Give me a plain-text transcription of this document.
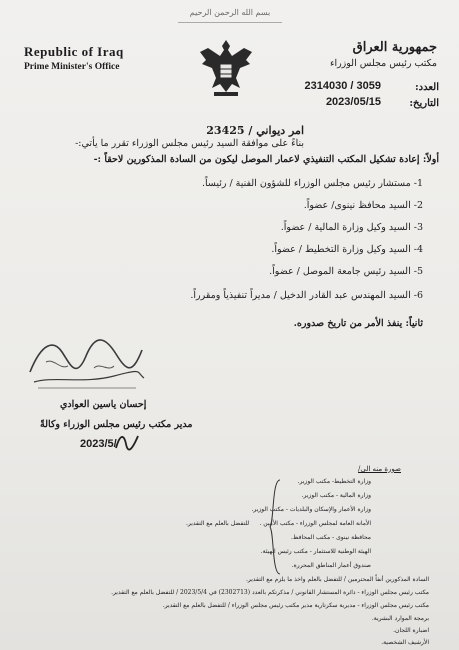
بسم الله الرحمن الرحيم
Republic of Iraq
Prime Minister's Office
جمهورية العراق
مكتب رئيس مجلس الوزراء
العدد:
2314030 / 3059
التاريخ:
2023/05/15
امر ديواني / 23425
بناءً على موافقة السيد رئيس مجلس الوزراء تقرر ما يأتي:-
أولاً: إعادة تشكيل المكتب التنفيذي لاعمار الموصل ليكون من السادة المذكورين لاحقاً :-
1- مستشار رئيس مجلس الوزراء للشؤون الفنية / رئيساً.
2- السيد محافظ نينوى/ عضواً.
3- السيد وكيل وزارة المالية / عضواً.
4- السيد وكيل وزارة التخطيط / عضواً.
5- السيد رئيس جامعة الموصل / عضواً.
6- السيد المهندس عبد القادر الدخيل / مديراً تنفيذياً ومقرراً.
ثانياً: ينفذ الأمر من تاريخ صدوره.
إحسان ياسين العوادي
مدير مكتب رئيس مجلس الوزراء وكالةً
2023/5/
صورة منه الى/
وزارة التخطيط- مكتب الوزير.
وزارة المالية - مكتب الوزير.
وزارة الأعمار والإسكان والبلديات - مكتب الوزير.
الأمانة العامة لمجلس الوزراء - مكتب الأمين .
محافظة نينوى - مكتب المحافظ.
الهيئة الوطنية للاستثمار - مكتب رئيس الهيئة.
صندوق أعمار المناطق المحررة.
للتفضل بالعلم مع التقدير.
السادة المذكورين أنفاً المحترمين / للتفضل بالعلم واخذ ما يلزم مع التقدير.
مكتب رئيس مجلس الوزراء - دائرة المستشار القانوني / مذكرتكم بالعدد (2302713) في 2023/5/4 / للتفضل بالعلم مع التقدير.
مكتب رئيس مجلس الوزراء - مديرية سكرتارية مدير مكتب رئيس مجلس الوزراء / للتفضل بالعلم مع التقدير.
برمجة الموارد البشرية.
اضبارة اللجان.
الأرشيف الشخصية.
